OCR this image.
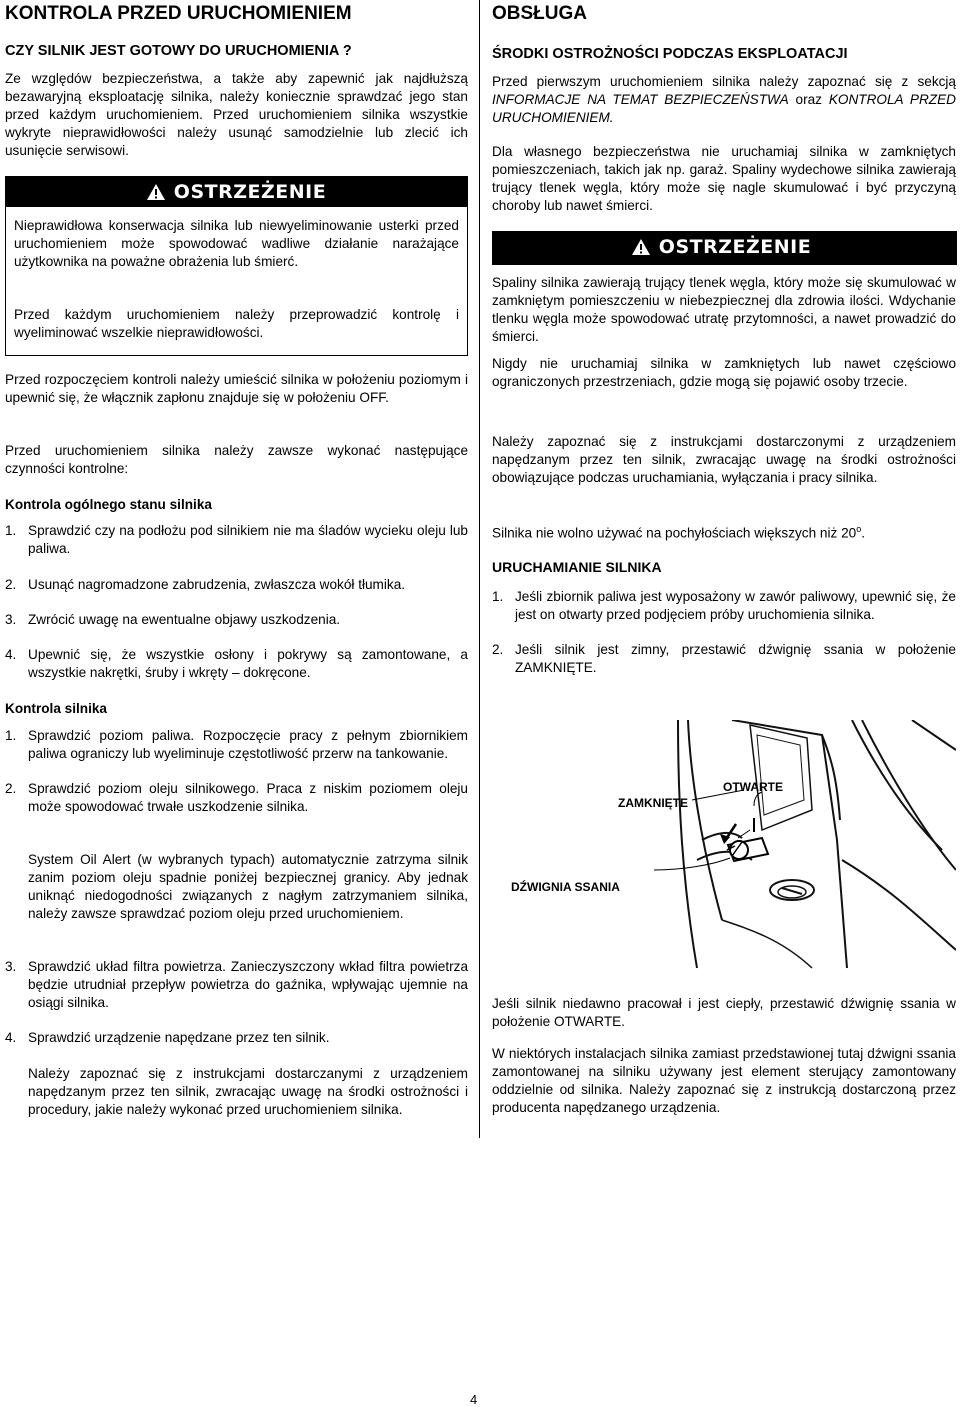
KONTROLA PRZED URUCHOMIENIEM
CZY SILNIK JEST GOTOWY DO URUCHOMIENIA ?

Ze względów bezpieczeństwa, a także aby zapewnić jak najdłuższą bezawaryjną eksploatację silnika, należy koniecznie sprawdzać jego stan przed każdym uruchomieniem. Przed uruchomieniem silnika wszystkie wykryte nieprawidłowości należy usunąć samodzielnie lub zlecić ich usunięcie serwisowi.

OSTRZEŻENIE

Nieprawidłowa konserwacja silnika lub niewyeliminowanie usterki przed uruchomieniem może spowodować wadliwe działanie narażające użytkownika na poważne obrażenia lub śmierć.

Przed każdym uruchomieniem należy przeprowadzić kontrolę i wyeliminować wszelkie nieprawidłowości.

Przed rozpoczęciem kontroli należy umieścić silnika w położeniu poziomym i upewnić się, że włącznik zapłonu znajduje się w położeniu OFF.

Przed uruchomieniem silnika należy zawsze wykonać następujące czynności kontrolne:

Kontrola ogólnego stanu silnika
1. Sprawdzić czy na podłożu pod silnikiem nie ma śladów wycieku oleju lub paliwa.
2. Usunąć nagromadzone zabrudzenia, zwłaszcza wokół tłumika.
3. Zwrócić uwagę na ewentualne objawy uszkodzenia.
4. Upewnić się, że wszystkie osłony i pokrywy są zamontowane, a wszystkie nakrętki, śruby i wkręty – dokręcone.
Kontrola silnika
1. Sprawdzić poziom paliwa. Rozpoczęcie pracy z pełnym zbiornikiem paliwa ograniczy lub wyeliminuje częstotliwość przerw na tankowanie.
2. Sprawdzić poziom oleju silnikowego. Praca z niskim poziomem oleju może spowodować trwałe uszkodzenie silnika.

System Oil Alert (w wybranych typach) automatycznie zatrzyma silnik zanim poziom oleju spadnie poniżej bezpiecznej granicy. Aby jednak uniknąć niedogodności związanych z nagłym zatrzymaniem silnika, należy zawsze sprawdzać poziom oleju przed uruchomieniem.

3. Sprawdzić układ filtra powietrza. Zanieczyszczony wkład filtra powietrza będzie utrudniał przepływ powietrza do gaźnika, wpływając ujemnie na osiągi silnika.
4. Sprawdzić urządzenie napędzane przez ten silnik.

Należy zapoznać się z instrukcjami dostarczanymi z urządzeniem napędzanym przez ten silnik, zwracając uwagę na środki ostrożności i procedury, jakie należy wykonać przed uruchomieniem silnika.

OBSŁUGA
ŚRODKI OSTROŻNOŚCI PODCZAS EKSPLOATACJI

Przed pierwszym uruchomieniem silnika należy zapoznać się z sekcją INFORMACJE NA TEMAT BEZPIECZEŃSTWA oraz KONTROLA PRZED URUCHOMIENIEM.

Dla własnego bezpieczeństwa nie uruchamiaj silnika w zamkniętych pomieszczeniach, takich jak np. garaż. Spaliny wydechowe silnika zawierają trujący tlenek węgla, który może się nagle skumulować i być przyczyną choroby lub nawet śmierci.

OSTRZEŻENIE

Spaliny silnika zawierają trujący tlenek węgla, który może się skumulować w zamkniętym pomieszczeniu w niebezpiecznej dla zdrowia ilości. Wdychanie tlenku węgla może spowodować utratę przytomności, a nawet prowadzić do śmierci.

Nigdy nie uruchamiaj silnika w zamkniętych lub nawet częściowo ograniczonych przestrzeniach, gdzie mogą się pojawić osoby trzecie.

Należy zapoznać się z instrukcjami dostarczonymi z urządzeniem napędzanym przez ten silnik, zwracając uwagę na środki ostrożności obowiązujące podczas uruchamiania, wyłączania i pracy silnika.

Silnika nie wolno używać na pochyłościach większych niż 20$^o$.

URUCHAMIANIE SILNIKA
1. Jeśli zbiornik paliwa jest wyposażony w zawór paliwowy, upewnić się, że jest on otwarty przed podjęciem próby uruchomienia silnika.
2. Jeśli silnik jest zimny, przestawić dźwignię ssania w położenie ZAMKNIĘTE.
ZAMKNIĘTE
OTWARTE
DŹWIGNIA SSANIA

Jeśli silnik niedawno pracował i jest ciepły, przestawić dźwignię ssania w położenie OTWARTE.

W niektórych instalacjach silnika zamiast przedstawionej tutaj dźwigni ssania zamontowanej na silniku używany jest element sterujący zamontowany oddzielnie od silnika. Należy zapoznać się z instrukcją dostarczoną przez producenta napędzanego urządzenia.

4
